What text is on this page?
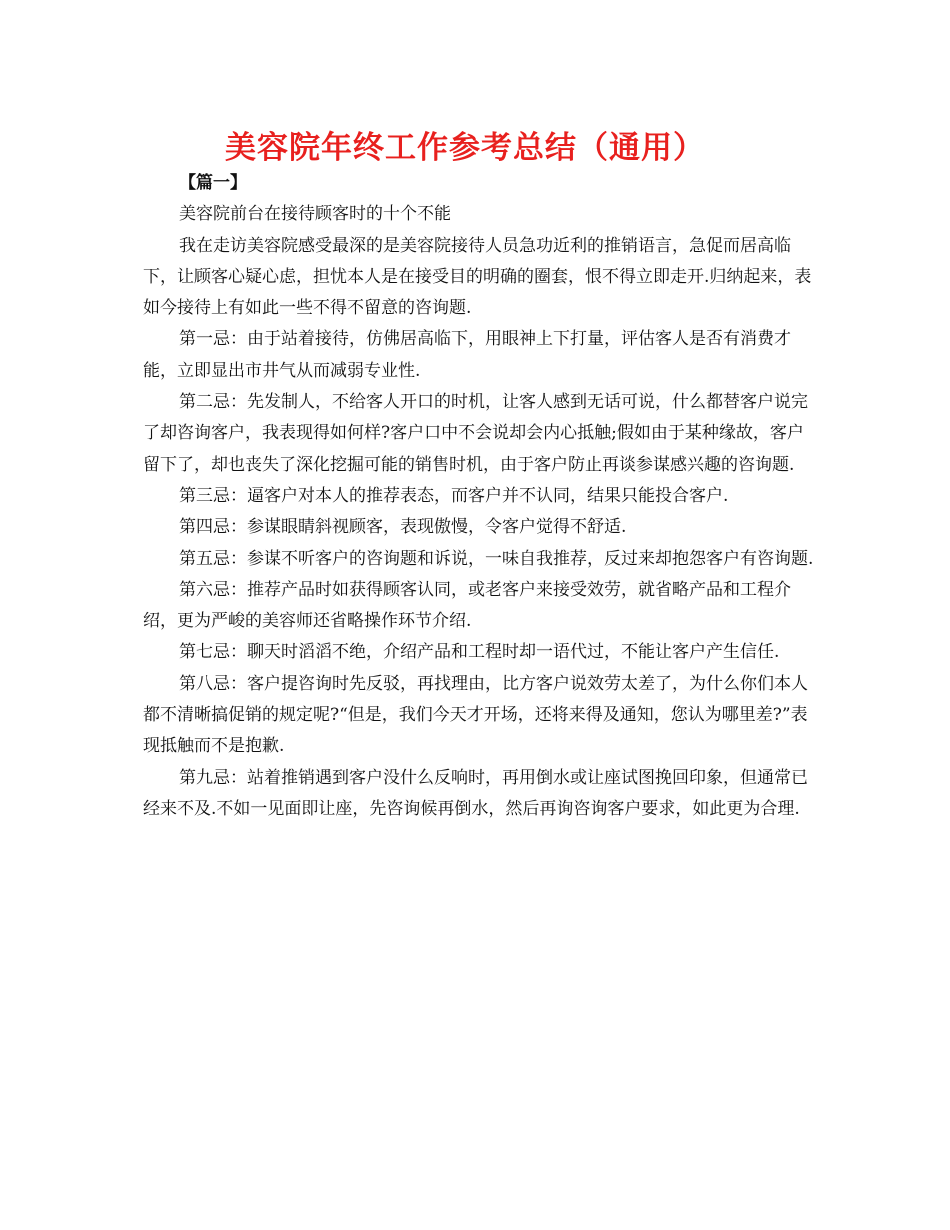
美容院年终工作参考总结（通用）

【篇一】

美容院前台在接待顾客时的十个不能

我在走访美容院感受最深的是美容院接待人员急功近利的推销语言，急促而居高临下，让顾客心疑心虑，担忧本人是在接受目的明确的圈套，恨不得立即走开.归纳起来，表如今接待上有如此一些不得不留意的咨询题.

第一忌：由于站着接待，仿佛居高临下，用眼神上下打量，评估客人是否有消费才能，立即显出市井气从而减弱专业性.

第二忌：先发制人，不给客人开口的时机，让客人感到无话可说，什么都替客户说完了却咨询客户，我表现得如何样?客户口中不会说却会内心抵触;假如由于某种缘故，客户留下了，却也丧失了深化挖掘可能的销售时机，由于客户防止再谈参谋感兴趣的咨询题.

第三忌：逼客户对本人的推荐表态，而客户并不认同，结果只能投合客户.

第四忌：参谋眼睛斜视顾客，表现傲慢，令客户觉得不舒适.

第五忌：参谋不听客户的咨询题和诉说，一味自我推荐，反过来却抱怨客户有咨询题.

第六忌：推荐产品时如获得顾客认同，或老客户来接受效劳，就省略产品和工程介绍，更为严峻的美容师还省略操作环节介绍.

第七忌：聊天时滔滔不绝，介绍产品和工程时却一语代过，不能让客户产生信任.

第八忌：客户提咨询时先反驳，再找理由，比方客户说效劳太差了，为什么你们本人都不清晰搞促销的规定呢?“但是，我们今天才开场，还将来得及通知，您认为哪里差?”表现抵触而不是抱歉.

第九忌：站着推销遇到客户没什么反响时，再用倒水或让座试图挽回印象，但通常已经来不及.不如一见面即让座，先咨询候再倒水，然后再询咨询客户要求，如此更为合理.
